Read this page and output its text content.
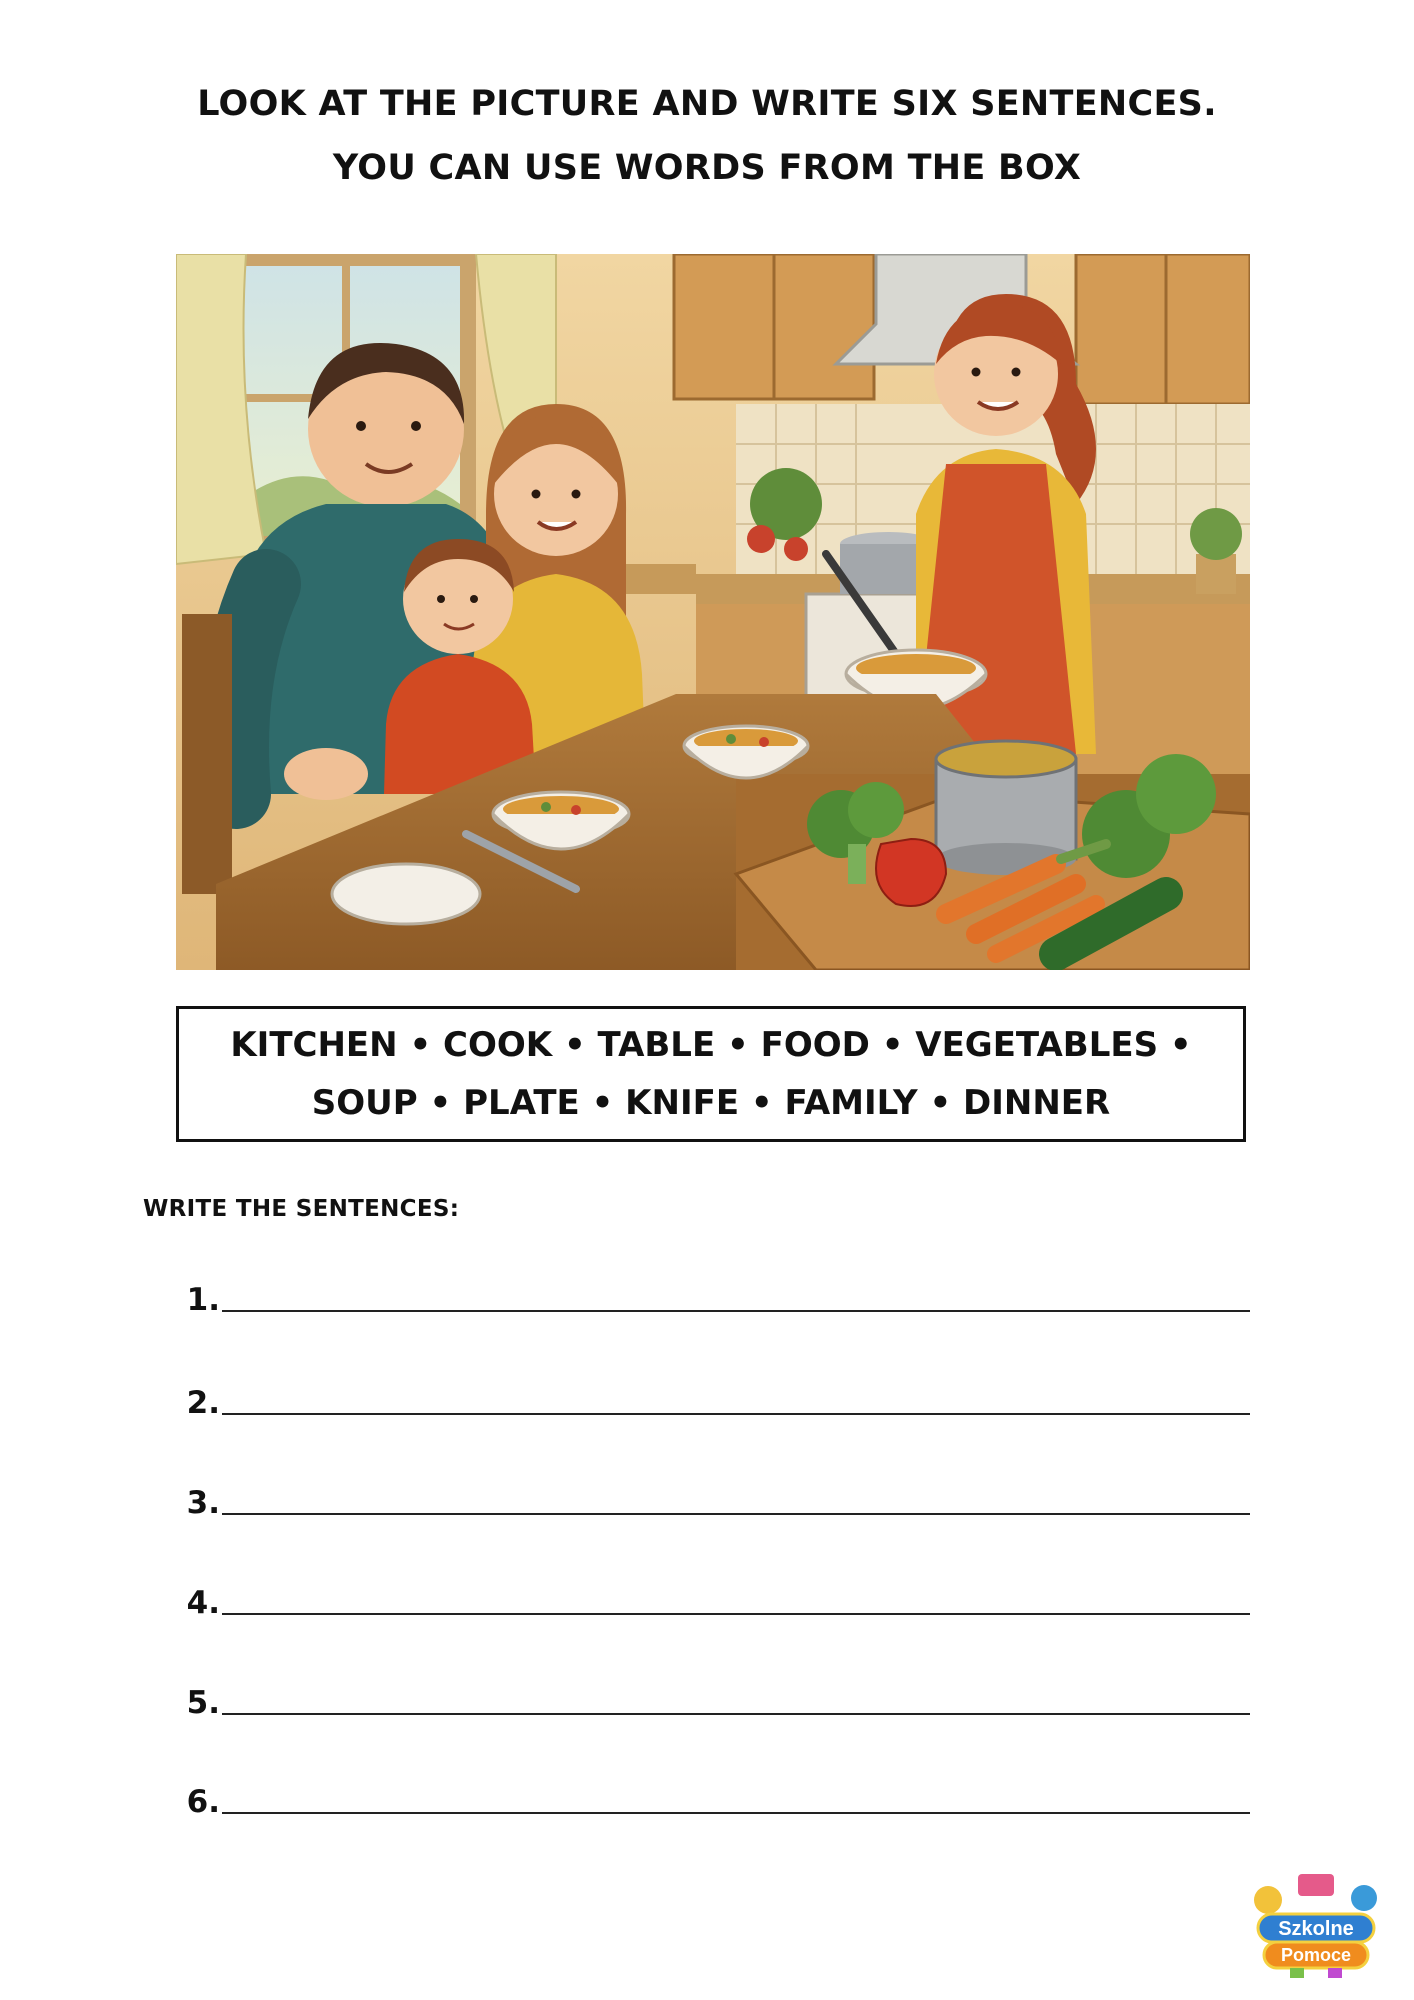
LOOK AT THE PICTURE AND WRITE SIX SENTENCES.
YOU CAN USE WORDS FROM THE BOX
KITCHEN • COOK • TABLE • FOOD • VEGETABLES • SOUP • PLATE • KNIFE • FAMILY • DINNER
WRITE THE SENTENCES:
1.
2.
3.
4.
5.
6.
Szkolne
Pomoce
